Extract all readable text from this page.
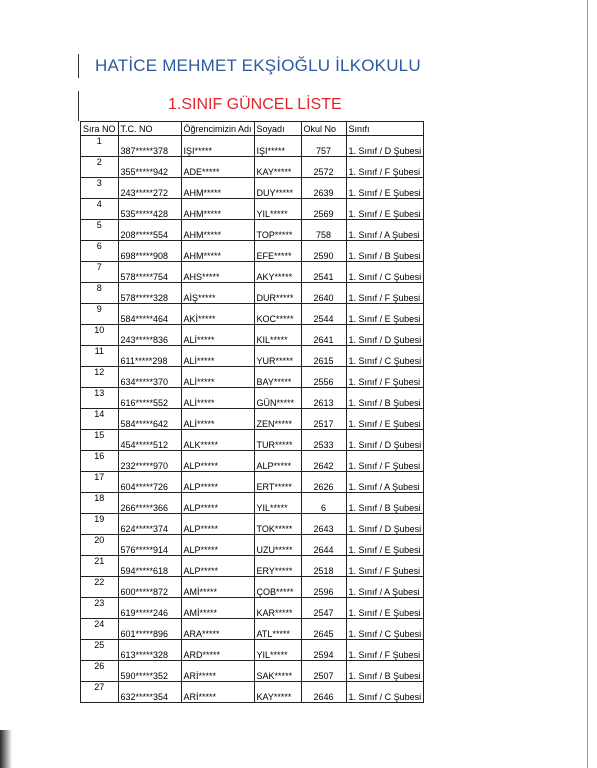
HATİCE MEHMET EKŞİOĞLU İLKOKULU
1.SINIF GÜNCEL LİSTE
Sıra NO	T.C. NO	Öğrencimizin Adı	Soyadı	Okul No	Sınıfı
1	387*****378	IŞI*****	IŞI*****	757	1. Sınıf / D Şubesi
2	355*****942	ADE*****	KAY*****	2572	1. Sınıf / F Şubesi
3	243*****272	AHM*****	DUY*****	2639	1. Sınıf / E Şubesi
4	535*****428	AHM*****	YIL*****	2569	1. Sınıf / E Şubesi
5	208*****554	AHM*****	TOP*****	758	1. Sınıf / A Şubesi
6	698*****908	AHM*****	EFE*****	2590	1. Sınıf / B Şubesi
7	578*****754	AHS*****	AKY*****	2541	1. Sınıf / C Şubesi
8	578*****328	AİŞ*****	DUR*****	2640	1. Sınıf / F Şubesi
9	584*****464	AKİ*****	KOC*****	2544	1. Sınıf / E Şubesi
10	243*****836	ALİ*****	KIL*****	2641	1. Sınıf / D Şubesi
11	611*****298	ALİ*****	YUR*****	2615	1. Sınıf / C Şubesi
12	634*****370	ALİ*****	BAY*****	2556	1. Sınıf / F Şubesi
13	616*****552	ALİ*****	GÜN*****	2613	1. Sınıf / B Şubesi
14	584*****642	ALİ*****	ZEN*****	2517	1. Sınıf / E Şubesi
15	454*****512	ALK*****	TUR*****	2533	1. Sınıf / D Şubesi
16	232*****970	ALP*****	ALP*****	2642	1. Sınıf / F Şubesi
17	604*****726	ALP*****	ERT*****	2626	1. Sınıf / A Şubesi
18	266*****366	ALP*****	YIL*****	6	1. Sınıf / B Şubesi
19	624*****374	ALP*****	TOK*****	2643	1. Sınıf / D Şubesi
20	576*****914	ALP*****	UZU*****	2644	1. Sınıf / E Şubesi
21	594*****618	ALP*****	ERY*****	2518	1. Sınıf / F Şubesi
22	600*****872	AMİ*****	ÇOB*****	2596	1. Sınıf / A Şubesi
23	619*****246	AMİ*****	KAR*****	2547	1. Sınıf / E Şubesi
24	601*****896	ARA*****	ATL*****	2645	1. Sınıf / C Şubesi
25	613*****328	ARD*****	YIL*****	2594	1. Sınıf / F Şubesi
26	590*****352	ARİ*****	SAK*****	2507	1. Sınıf / B Şubesi
27	632*****354	ARİ*****	KAY*****	2646	1. Sınıf / C Şubesi
